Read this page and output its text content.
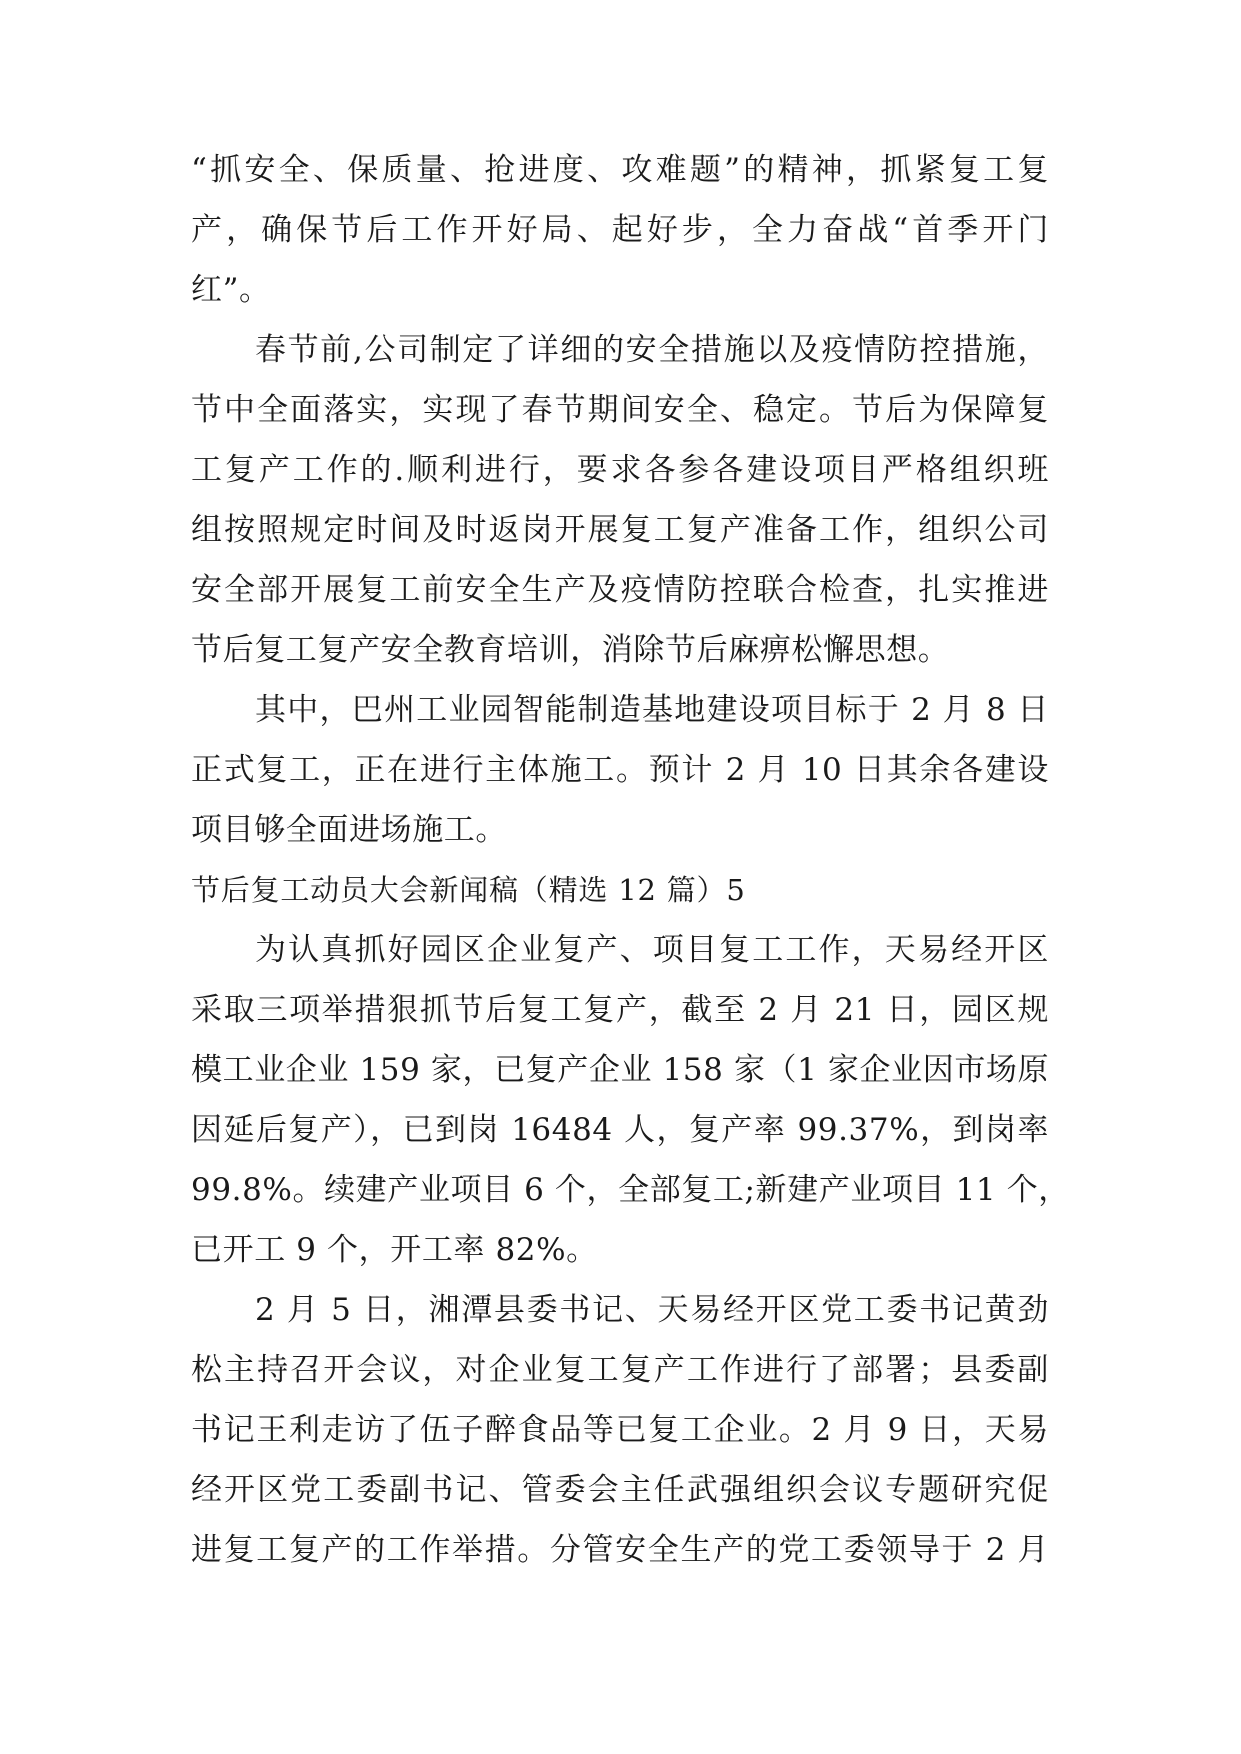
“抓安全、保质量、抢进度、攻难题”的精神，抓紧复工复
产，确保节后工作开好局、起好步，全力奋战“首季开门
红”。
春节前,公司制定了详细的安全措施以及疫情防控措施，
节中全面落实，实现了春节期间安全、稳定。节后为保障复
工复产工作的.顺利进行，要求各参各建设项目严格组织班
组按照规定时间及时返岗开展复工复产准备工作，组织公司
安全部开展复工前安全生产及疫情防控联合检查，扎实推进
节后复工复产安全教育培训，消除节后麻痹松懈思想。
其中，巴州工业园智能制造基地建设项目标于 2 月 8 日
正式复工，正在进行主体施工。预计 2 月 10 日其余各建设
项目够全面进场施工。
节后复工动员大会新闻稿（精选 12 篇）5
为认真抓好园区企业复产、项目复工工作，天易经开区
采取三项举措狠抓节后复工复产，截至 2 月 21 日，园区规
模工业企业 159 家，已复产企业 158 家（1 家企业因市场原
因延后复产），已到岗 16484 人，复产率 99.37%，到岗率
99.8%。续建产业项目 6 个，全部复工;新建产业项目 11 个，
已开工 9 个，开工率 82%。
2 月 5 日，湘潭县委书记、天易经开区党工委书记黄劲
松主持召开会议，对企业复工复产工作进行了部署；县委副
书记王利走访了伍子醉食品等已复工企业。2 月 9 日，天易
经开区党工委副书记、管委会主任武强组织会议专题研究促
进复工复产的工作举措。分管安全生产的党工委领导于 2 月
